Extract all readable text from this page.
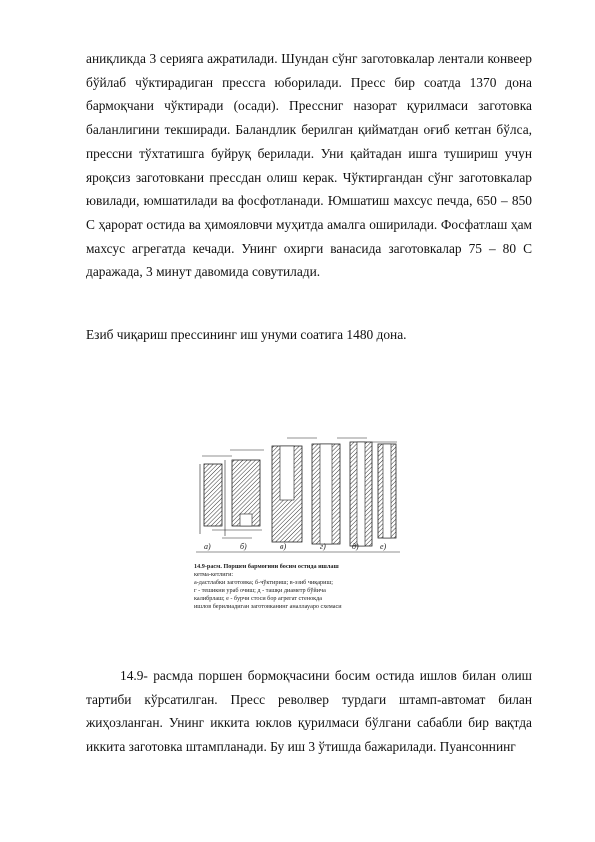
аниқликда 3 серияга ажратилади. Шундан сўнг заготовкалар лентали конвеер бўйлаб чўктирадиган прессга юборилади. Пресс бир соатда 1370 дона бармоқчани чўктиради (осади). Прессниг назорат қурилмаси заготовка баланлигини текширади. Баландлик берилган қийматдан оғиб кетган бўлса, прессни тўхтатишга буйруқ берилади. Уни қайтадан ишга тушириш учун яроқсиз заготовкани прессдан олиш керак. Чўктиргандан сўнг заготовкалар ювилади, юмшатилади ва фосфотланади. Юмшатиш махсус печда, 650 – 850 С ҳарорат остида ва ҳимояловчи муҳитда амалга оширилади. Фосфатлаш ҳам махсус агрегатда кечади. Унинг охирги ванасида заготовкалар 75 – 80 С даражада, 3 минут давомида совутилади.

Езиб чиқариш прессининг иш унуми соатига 1480 дона.

а)	б)	в)	г)	д)	е)
14.9-расм. Поршен бармоғини босим остида ишлаш
кетма-кетлиги:
а-дастлабки заготовка; б-чўктириш; в-эзиб чиқариш;
г - тешикни ураб очиш; д - ташқи диаметр бўйича
калибрлаш; е - бурчи стоси бор агрегат стенокда
ишлов берилиадиган заготовканинг аналлауаро схемаси

14.9- расмда поршен бормоқчасини босим остида ишлов билан олиш тартиби кўрсатилган. Пресс револвер турдаги штамп-автомат билан жиҳозланган. Унинг иккита юклов қурилмаси бўлгани сабабли бир вақтда иккита заготовка штампланади. Бу иш 3 ўтишда бажарилади. Пуансоннинг
